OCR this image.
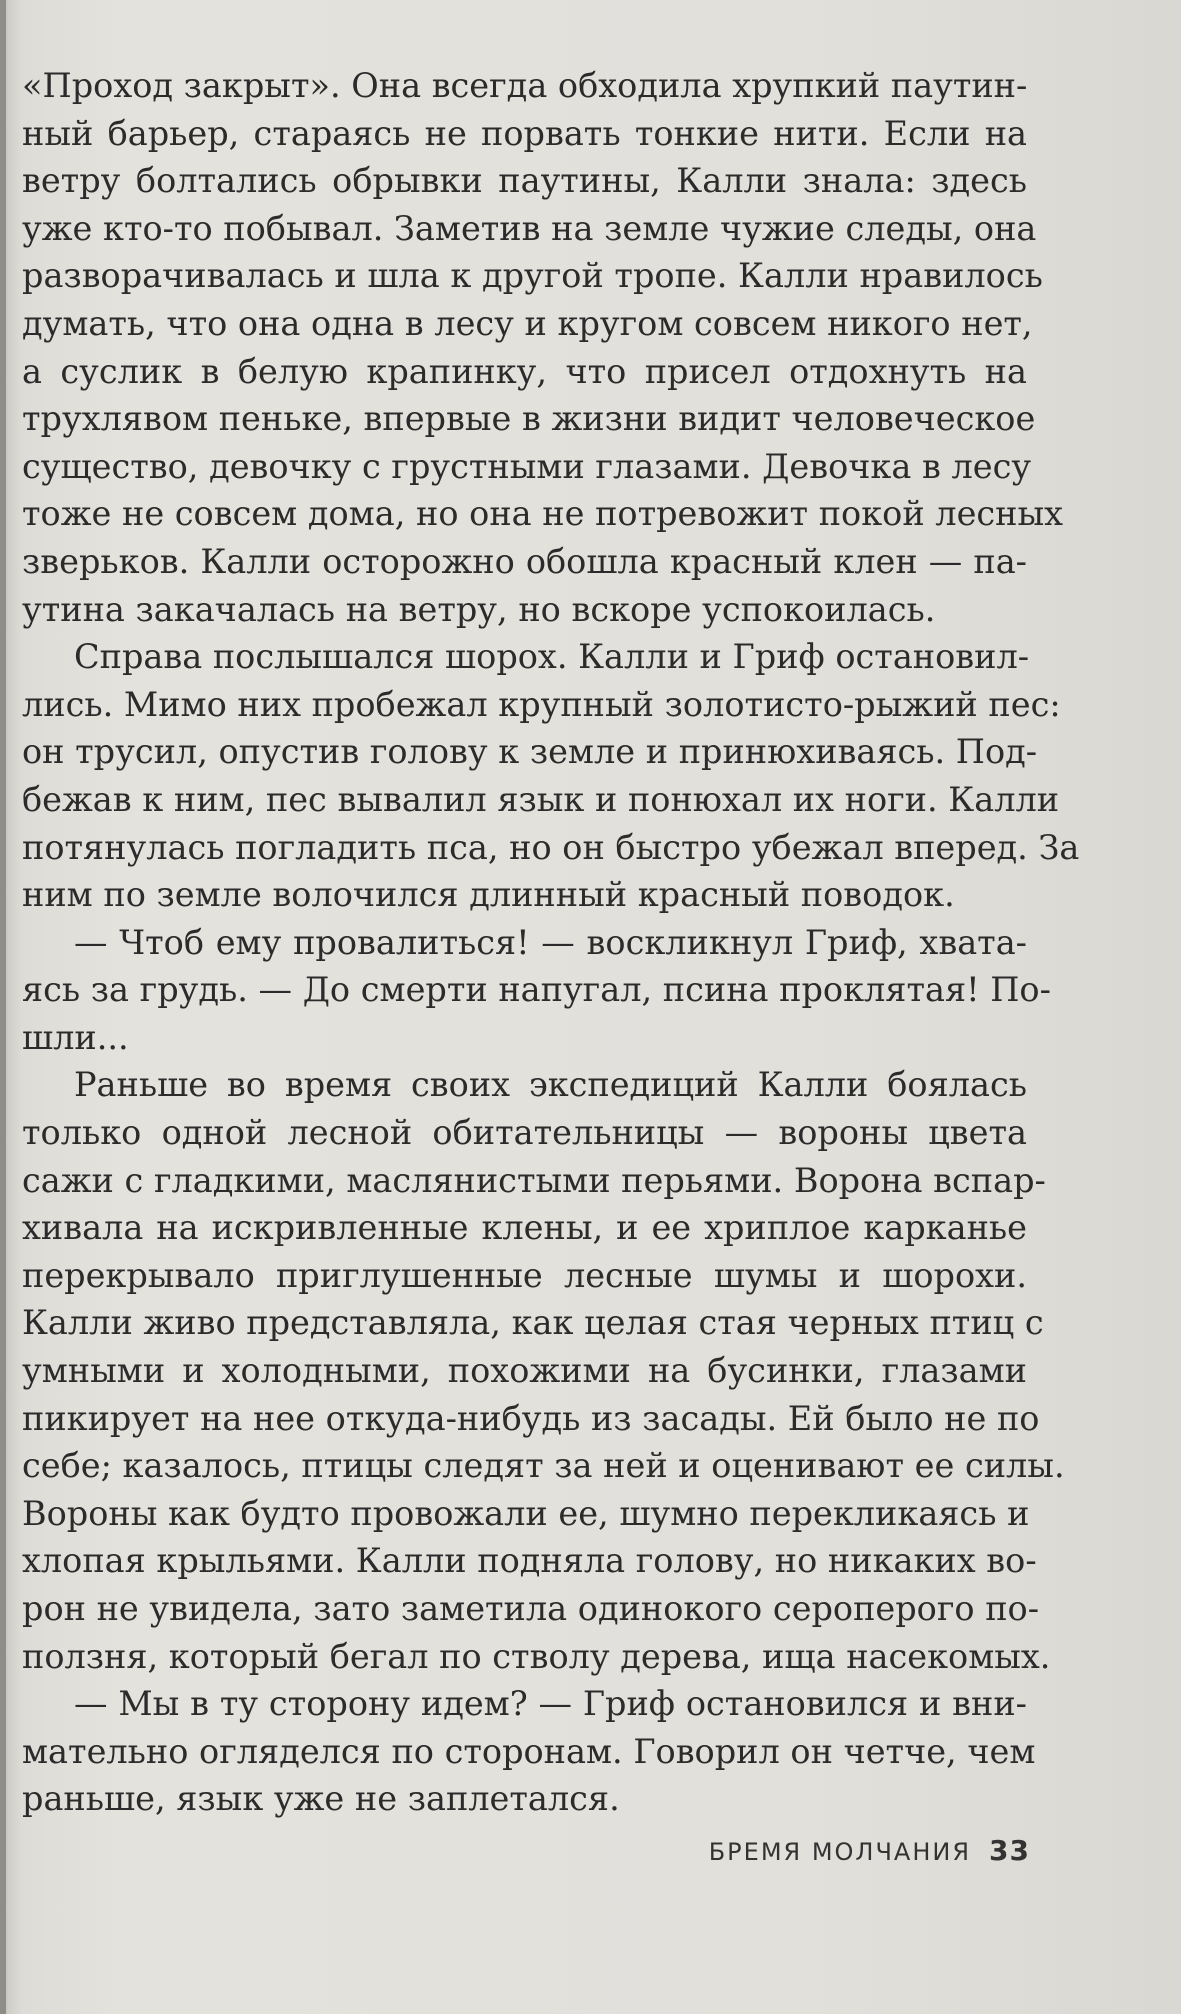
«Проход закрыт». Она всегда обходила хрупкий паутин-
ный барьер, стараясь не порвать тонкие нити. Если на
ветру болтались обрывки паутины, Калли знала: здесь
уже кто-то побывал. Заметив на земле чужие следы, она
разворачивалась и шла к другой тропе. Калли нравилось
думать, что она одна в лесу и кругом совсем никого нет,
а суслик в белую крапинку, что присел отдохнуть на
трухлявом пеньке, впервые в жизни видит человеческое
существо, девочку с грустными глазами. Девочка в лесу
тоже не совсем дома, но она не потревожит покой лесных
зверьков. Калли осторожно обошла красный клен — па-
утина закачалась на ветру, но вскоре успокоилась.
Справа послышался шорох. Калли и Гриф остановил-
лись. Мимо них пробежал крупный золотисто-рыжий пес:
он трусил, опустив голову к земле и принюхиваясь. Под-
бежав к ним, пес вывалил язык и понюхал их ноги. Калли
потянулась погладить пса, но он быстро убежал вперед. За
ним по земле волочился длинный красный поводок.
— Чтоб ему провалиться! — воскликнул Гриф, хвата-
ясь за грудь. — До смерти напугал, псина проклятая! По-
шли...
Раньше во время своих экспедиций Калли боялась
только одной лесной обитательницы — вороны цвета
сажи с гладкими, маслянистыми перьями. Ворона вспар-
хивала на искривленные клены, и ее хриплое карканье
перекрывало приглушенные лесные шумы и шорохи.
Калли живо представляла, как целая стая черных птиц с
умными и холодными, похожими на бусинки, глазами
пикирует на нее откуда-нибудь из засады. Ей было не по
себе; казалось, птицы следят за ней и оценивают ее силы.
Вороны как будто провожали ее, шумно перекликаясь и
хлопая крыльями. Калли подняла голову, но никаких во-
рон не увидела, зато заметила одинокого сероперого по-
ползня, который бегал по стволу дерева, ища насекомых.
— Мы в ту сторону идем? — Гриф остановился и вни-
мательно огляделся по сторонам. Говорил он четче, чем
раньше, язык уже не заплетался.
БРЕМЯ МОЛЧАНИЯ 33
